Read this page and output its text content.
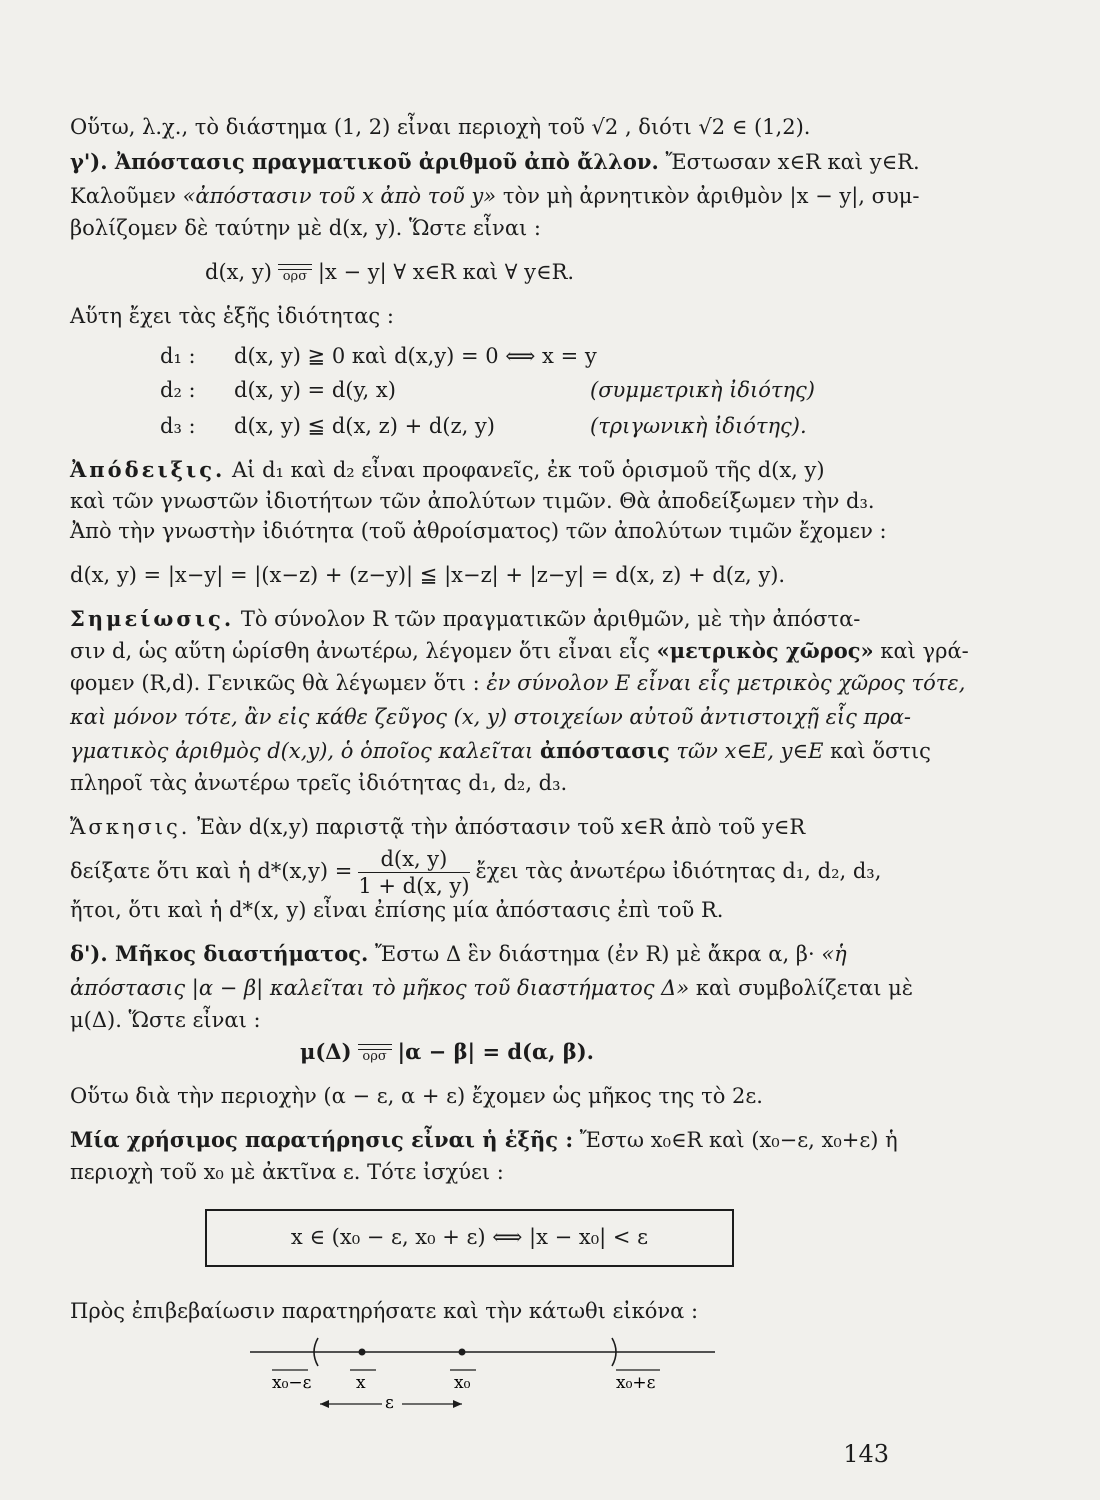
Οὕτω, λ.χ., τὸ διάστημα (1, 2) εἶναι περιοχὴ τοῦ √2 , διότι √2 ∈ (1,2).
γ'). Ἀπόστασις πραγματικοῦ ἀριθμοῦ ἀπὸ ἄλλον. Ἔστωσαν x∈R καὶ y∈R.
Καλοῦμεν «ἀπόστασιν τοῦ x ἀπὸ τοῦ y» τὸν μὴ ἀρνητικὸν ἀριθμὸν |x − y|, συμ-
βολίζομεν δὲ ταύτην μὲ d(x, y). Ὥστε εἶναι :
d(x, y) ορσ |x − y| ∀ x∈R καὶ ∀ y∈R.
Αὕτη ἔχει τὰς ἑξῆς ἰδιότητας :
d₁ : d(x, y) ≧ 0 καὶ d(x,y) = 0 ⟺ x = y
d₂ : d(x, y) = d(y, x)	(συμμετρικὴ ἰδιότης)
d₃ : d(x, y) ≦ d(x, z) + d(z, y)	(τριγωνικὴ ἰδιότης).
Ἀπόδειξις. Αἱ d₁ καὶ d₂ εἶναι προφανεῖς, ἐκ τοῦ ὁρισμοῦ τῆς d(x, y)
καὶ τῶν γνωστῶν ἰδιοτήτων τῶν ἀπολύτων τιμῶν. Θὰ ἀποδείξωμεν τὴν d₃.
Ἀπὸ τὴν γνωστὴν ἰδιότητα (τοῦ ἀθροίσματος) τῶν ἀπολύτων τιμῶν ἔχομεν :
d(x, y) = |x−y| = |(x−z) + (z−y)| ≦ |x−z| + |z−y| = d(x, z) + d(z, y).
Σημείωσις. Τὸ σύνολον R τῶν πραγματικῶν ἀριθμῶν, μὲ τὴν ἀπόστα-
σιν d, ὡς αὕτη ὡρίσθη ἀνωτέρω, λέγομεν ὅτι εἶναι εἷς «μετρικὸς χῶρος» καὶ γρά-
φομεν (R,d). Γενικῶς θὰ λέγωμεν ὅτι : ἐν σύνολον E εἶναι εἷς μετρικὸς χῶρος τότε,
καὶ μόνον τότε, ἂν εἰς κάθε ζεῦγος (x, y) στοιχείων αὐτοῦ ἀντιστοιχῇ εἷς πρα-
γματικὸς ἀριθμὸς d(x,y), ὁ ὁποῖος καλεῖται ἀπόστασις τῶν x∈E, y∈E καὶ ὅστις
πληροῖ τὰς ἀνωτέρω τρεῖς ἰδιότητας d₁, d₂, d₃.
Ἄσκησις. Ἐὰν d(x,y) παριστᾷ τὴν ἀπόστασιν τοῦ x∈R ἀπὸ τοῦ y∈R
δείξατε ὅτι καὶ ἡ $d*(x,y) = \frac{d(x, y)}{1 + d(x, y)}$ ἔχει τὰς ἀνωτέρω ἰδιότητας d₁, d₂, d₃,
ἤτοι, ὅτι καὶ ἡ d*(x, y) εἶναι ἐπίσης μία ἀπόστασις ἐπὶ τοῦ R.
δ'). Μῆκος διαστήματος. Ἔστω Δ ἓν διάστημα (ἐν R) μὲ ἄκρα α, β· «ἡ
ἀπόστασις |α − β| καλεῖται τὸ μῆκος τοῦ διαστήματος Δ» καὶ συμβολίζεται μὲ
μ(Δ). Ὥστε εἶναι :
μ(Δ) ορσ |α − β| = d(α, β).
Οὕτω διὰ τὴν περιοχὴν (α − ε, α + ε) ἔχομεν ὡς μῆκος της τὸ 2ε.
Μία χρήσιμος παρατήρησις εἶναι ἡ ἑξῆς : Ἔστω x₀∈R καὶ (x₀−ε, x₀+ε) ἡ
περιοχὴ τοῦ x₀ μὲ ἀκτῖνα ε. Τότε ἰσχύει :
x ∈ (x₀ − ε, x₀ + ε) ⟺ |x − x₀| < ε
Πρὸς ἐπιβεβαίωσιν παρατηρήσατε καὶ τὴν κάτωθι εἰκόνα :
x₀−ε	x	x₀	x₀+ε
ε
143
